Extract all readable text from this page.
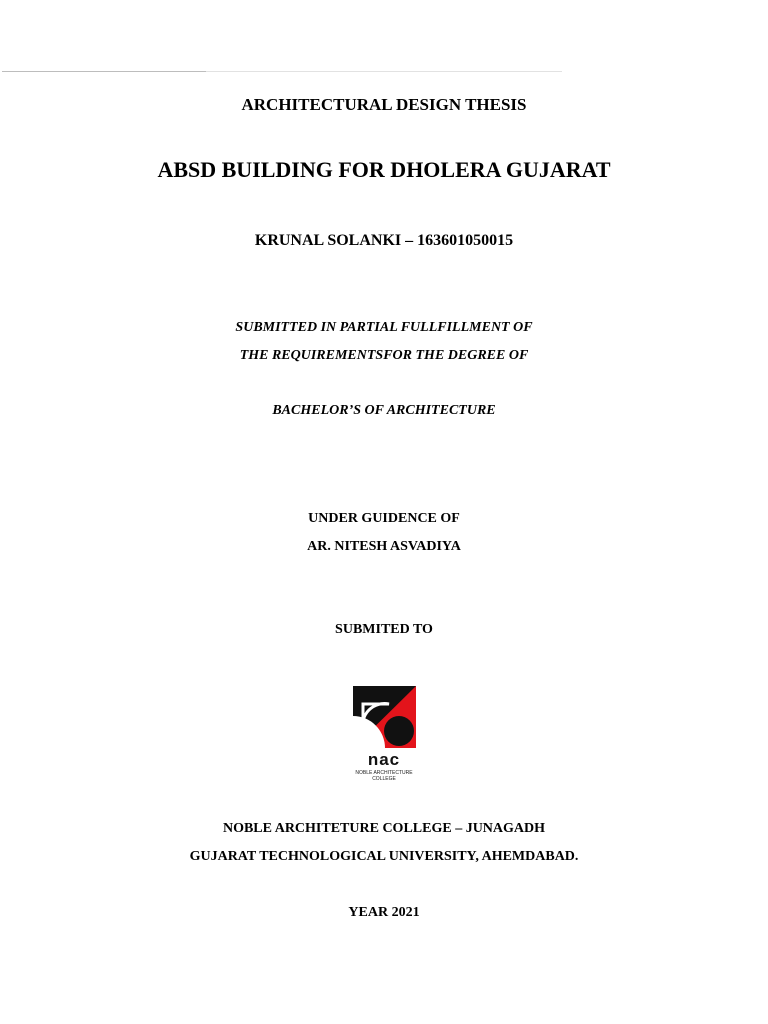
ARCHITECTURAL DESIGN THESIS
ABSD BUILDING FOR DHOLERA GUJARAT
KRUNAL SOLANKI – 163601050015
SUBMITTED IN PARTIAL FULLFILLMENT OF
THE REQUIREMENTSFOR THE DEGREE OF
BACHELOR’S OF ARCHITECTURE
UNDER GUIDENCE OF
AR. NITESH ASVADIYA
SUBMITED TO
nac
NOBLE ARCHITECTURE
COLLEGE
NOBLE ARCHITETURE COLLEGE – JUNAGADH
GUJARAT TECHNOLOGICAL UNIVERSITY, AHEMDABAD.
YEAR 2021
